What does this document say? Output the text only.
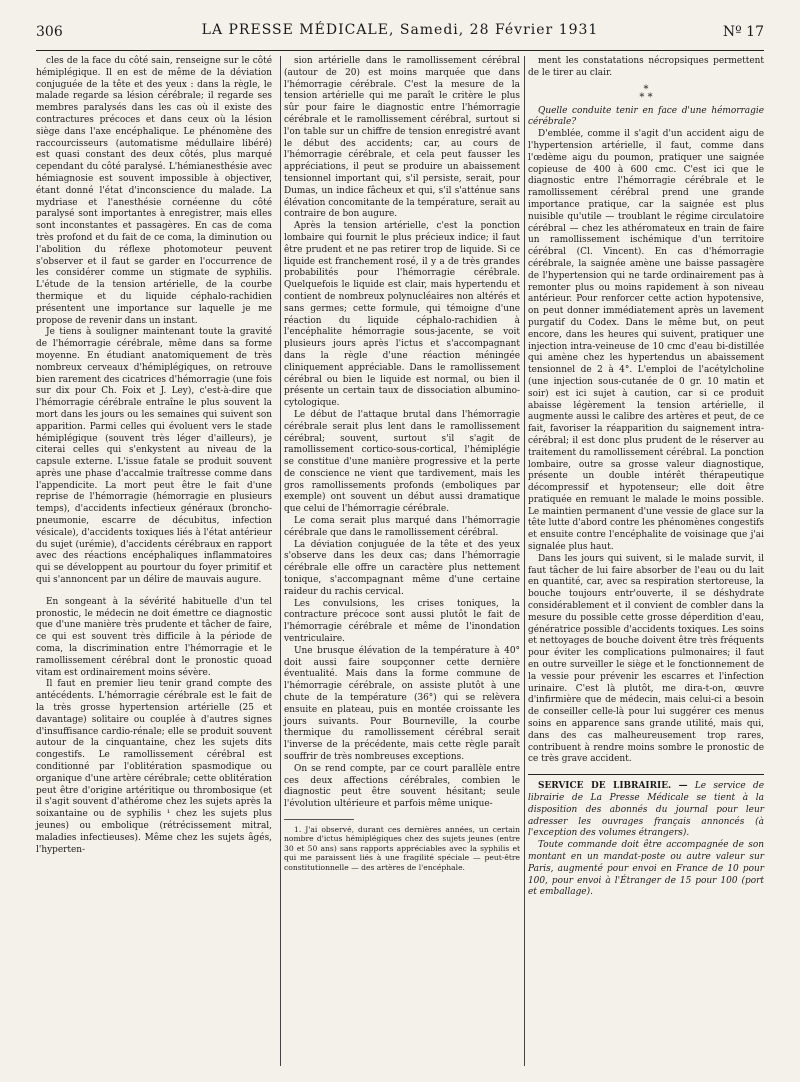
306	LA PRESSE MÉDICALE, Samedi, 28 Février 1931	Nº 17

cles de la face du côté sain, renseigne sur le côté hémiplégique. Il en est de même de la déviation conjuguée de la tête et des yeux : dans la règle, le malade regarde sa lésion cérébrale; il regarde ses membres paralysés dans les cas où il existe des contractures précoces et dans ceux où la lésion siège dans l'axe encéphalique. Le phénomène des raccourcisseurs (automatisme médullaire libéré) est quasi constant des deux côtés, plus marqué cependant du côté paralysé. L'hémianesthésie avec hémiagnosie est souvent impossible à objectiver, étant donné l'état d'inconscience du malade. La mydriase et l'anesthésie cornéenne du côté paralysé sont importantes à enregistrer, mais elles sont inconstantes et passagères. En cas de coma très profond et du fait de ce coma, la diminution ou l'abolition du réflexe photomoteur peuvent s'observer et il faut se garder en l'occurrence de les considérer comme un stigmate de syphilis. L'étude de la tension artérielle, de la courbe thermique et du liquide céphalo-rachidien présentent une importance sur laquelle je me propose de revenir dans un instant.

Je tiens à souligner maintenant toute la gravité de l'hémorragie cérébrale, même dans sa forme moyenne. En étudiant anatomiquement de très nombreux cerveaux d'hémiplégiques, on retrouve bien rarement des cicatrices d'hémorragie (une fois sur dix pour Ch. Foix et J. Ley), c'est-à-dire que l'hémorragie cérébrale entraîne le plus souvent la mort dans les jours ou les semaines qui suivent son apparition. Parmi celles qui évoluent vers le stade hémiplégique (souvent très léger d'ailleurs), je citerai celles qui s'enkystent au niveau de la capsule externe. L'issue fatale se produit souvent après une phase d'accalmie traîtresse comme dans l'appendicite. La mort peut être le fait d'une reprise de l'hémorragie (hémorragie en plusieurs temps), d'accidents infectieux généraux (broncho-pneumonie, escarre de décubitus, infection vésicale), d'accidents toxiques liés à l'état antérieur du sujet (urémie), d'accidents cérébraux en rapport avec des réactions encéphaliques inflammatoires qui se développent au pourtour du foyer primitif et qui s'annoncent par un délire de mauvais augure.

En songeant à la sévérité habituelle d'un tel pronostic, le médecin ne doit émettre ce diagnostic que d'une manière très prudente et tâcher de faire, ce qui est souvent très difficile à la période de coma, la discrimination entre l'hémorragie et le ramollissement cérébral dont le pronostic quoad vitam est ordinairement moins sévère.

Il faut en premier lieu tenir grand compte des antécédents. L'hémorragie cérébrale est le fait de la très grosse hypertension artérielle (25 et davantage) solitaire ou couplée à d'autres signes d'insuffisance cardio-rénale; elle se produit souvent autour de la cinquantaine, chez les sujets dits congestifs. Le ramollissement cérébral est conditionné par l'oblitération spasmodique ou organique d'une artère cérébrale; cette oblitération peut être d'origine artéritique ou thrombosique (et il s'agit souvent d'athérome chez les sujets après la soixantaine ou de syphilis ¹ chez les sujets plus jeunes) ou embolique (rétrécissement mitral, maladies infectieuses). Même chez les sujets âgés, l'hyperten-

sion artérielle dans le ramollissement cérébral (autour de 20) est moins marquée que dans l'hémorragie cérébrale. C'est la mesure de la tension artérielle qui me paraît le critère le plus sûr pour faire le diagnostic entre l'hémorragie cérébrale et le ramollissement cérébral, surtout si l'on table sur un chiffre de tension enregistré avant le début des accidents; car, au cours de l'hémorragie cérébrale, et cela peut fausser les appréciations, il peut se produire un abaissement tensionnel important qui, s'il persiste, serait, pour Dumas, un indice fâcheux et qui, s'il s'atténue sans élévation concomitante de la température, serait au contraire de bon augure.

Après la tension artérielle, c'est la ponction lombaire qui fournit le plus précieux indice; il faut être prudent et ne pas retirer trop de liquide. Si ce liquide est franchement rosé, il y a de très grandes probabilités pour l'hémorragie cérébrale. Quelquefois le liquide est clair, mais hypertendu et contient de nombreux polynucléaires non altérés et sans germes; cette formule, qui témoigne d'une réaction du liquide céphalo-rachidien à l'encéphalite hémorragie sous-jacente, se voit plusieurs jours après l'ictus et s'accompagnant dans la règle d'une réaction méningée cliniquement appréciable. Dans le ramollissement cérébral ou bien le liquide est normal, ou bien il présente un certain taux de dissociation albumino-cytologique.

Le début de l'attaque brutal dans l'hémorragie cérébrale serait plus lent dans le ramollissement cérébral; souvent, surtout s'il s'agit de ramollissement cortico-sous-cortical, l'hémiplégie se constitue d'une manière progressive et la perte de conscience ne vient que tardivement, mais les gros ramollissements profonds (emboliques par exemple) ont souvent un début aussi dramatique que celui de l'hémorragie cérébrale.

Le coma serait plus marqué dans l'hémorragie cérébrale que dans le ramollissement cérébral.

La déviation conjuguée de la tête et des yeux s'observe dans les deux cas; dans l'hémorragie cérébrale elle offre un caractère plus nettement tonique, s'accompagnant même d'une certaine raideur du rachis cervical.

Les convulsions, les crises toniques, la contracture précoce sont aussi plutôt le fait de l'hémorragie cérébrale et même de l'inondation ventriculaire.

Une brusque élévation de la température à 40° doit aussi faire soupçonner cette dernière éventualité. Mais dans la forme commune de l'hémorragie cérébrale, on assiste plutôt à une chute de la température (36°) qui se relèvera ensuite en plateau, puis en montée croissante les jours suivants. Pour Bourneville, la courbe thermique du ramollissement cérébral serait l'inverse de la précédente, mais cette règle paraît souffrir de très nombreuses exceptions.

On se rend compte, par ce court parallèle entre ces deux affections cérébrales, combien le diagnostic peut être souvent hésitant; seule l'évolution ultérieure et parfois même unique-

1. J'ai observé, durant ces dernières années, un certain nombre d'ictus hémiplégiques chez des sujets jeunes (entre 30 et 50 ans) sans rapports appréciables avec la syphilis et qui me paraissent liés à une fragilité spéciale — peut-être constitutionnelle — des artères de l'encéphale.

ment les constatations nécropsiques permettent de le tirer au clair.

*
* *

Quelle conduite tenir en face d'une hémorragie cérébrale?

D'emblée, comme il s'agit d'un accident aigu de l'hypertension artérielle, il faut, comme dans l'œdème aigu du poumon, pratiquer une saignée copieuse de 400 à 600 cmc. C'est ici que le diagnostic entre l'hémorragie cérébrale et le ramollissement cérébral prend une grande importance pratique, car la saignée est plus nuisible qu'utile — troublant le régime circulatoire cérébral — chez les athéromateux en train de faire un ramollissement ischémique d'un territoire cérébral (Cl. Vincent). En cas d'hémorragie cérébrale, la saignée amène une baisse passagère de l'hypertension qui ne tarde ordinairement pas à remonter plus ou moins rapidement à son niveau antérieur. Pour renforcer cette action hypotensive, on peut donner immédiatement après un lavement purgatif du Codex. Dans le même but, on peut encore, dans les heures qui suivent, pratiquer une injection intra-veineuse de 10 cmc d'eau bi-distillée qui amène chez les hypertendus un abaissement tensionnel de 2 à 4°. L'emploi de l'acétylcholine (une injection sous-cutanée de 0 gr. 10 matin et soir) est ici sujet à caution, car si ce produit abaisse légèrement la tension artérielle, il augmente aussi le calibre des artères et peut, de ce fait, favoriser la réapparition du saignement intra-cérébral; il est donc plus prudent de le réserver au traitement du ramollissement cérébral. La ponction lombaire, outre sa grosse valeur diagnostique, présente un double intérêt thérapeutique décompressif et hypotenseur; elle doit être pratiquée en remuant le malade le moins possible. Le maintien permanent d'une vessie de glace sur la tête lutte d'abord contre les phénomènes congestifs et ensuite contre l'encéphalite de voisinage que j'ai signalée plus haut.

Dans les jours qui suivent, si le malade survit, il faut tâcher de lui faire absorber de l'eau ou du lait en quantité, car, avec sa respiration stertoreuse, la bouche toujours entr'ouverte, il se déshydrate considérablement et il convient de combler dans la mesure du possible cette grosse déperdition d'eau, génératrice possible d'accidents toxiques. Les soins et nettoyages de bouche doivent être très fréquents pour éviter les complications pulmonaires; il faut en outre surveiller le siège et le fonctionnement de la vessie pour prévenir les escarres et l'infection urinaire. C'est là plutôt, me dira-t-on, œuvre d'infirmière que de médecin, mais celui-ci a besoin de conseiller celle-là pour lui suggérer ces menus soins en apparence sans grande utilité, mais qui, dans des cas malheureusement trop rares, contribuent à rendre moins sombre le pronostic de ce très grave accident.

SERVICE DE LIBRAIRIE. — Le service de librairie de La Presse Médicale se tient à la disposition des abonnés du journal pour leur adresser les ouvrages français annoncés (à l'exception des volumes étrangers).

Toute commande doit être accompagnée de son montant en un mandat-poste ou autre valeur sur Paris, augmenté pour envoi en France de 10 pour 100, pour envoi à l'Étranger de 15 pour 100 (port et emballage).
